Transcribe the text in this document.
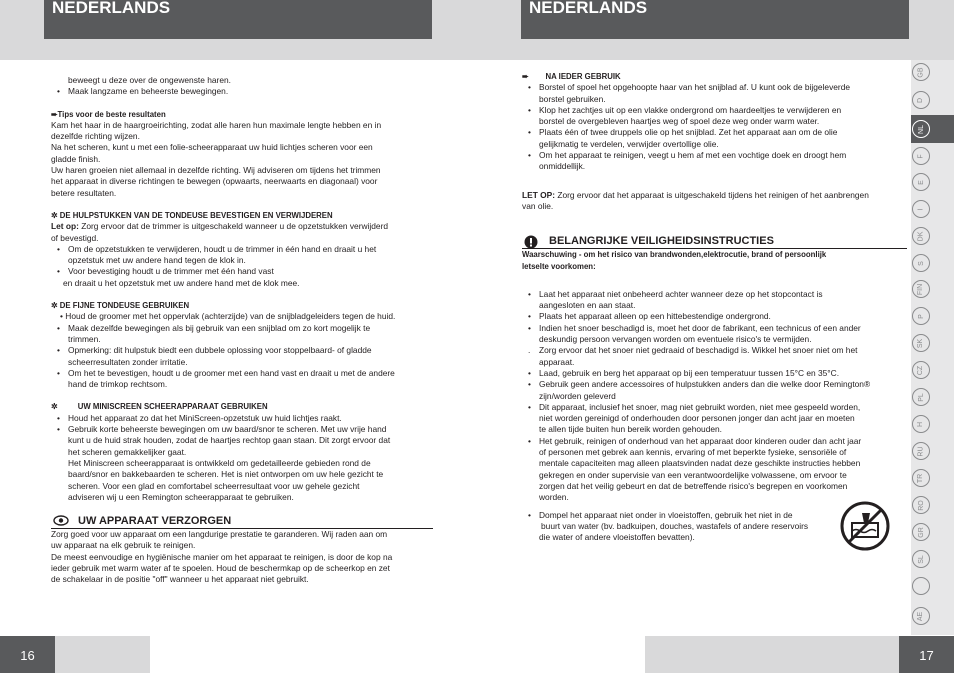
NEDERLANDS	NEDERLANDS
beweegt u deze over de ongewenste haren.
• Maak langzame en beheerste bewegingen.
➨Tips voor de beste resultaten
Kam het haar in de haargroeirichting, zodat alle haren hun maximale lengte hebben en in
dezelfde richting wijzen.
Na het scheren, kunt u met een folie-scheerapparaat uw huid lichtjes scheren voor een
gladde finish.
Uw haren groeien niet allemaal in dezelfde richting. Wij adviseren om tijdens het trimmen
het apparaat in diverse richtingen te bewegen (opwaarts, neerwaarts en diagonaal) voor
betere resultaten.
✲ DE HULPSTUKKEN VAN DE TONDEUSE BEVESTIGEN EN VERWIJDEREN
Let op: Zorg ervoor dat de trimmer is uitgeschakeld wanneer u de opzetstukken verwijderd
of bevestigd.
• Om de opzetstukken te verwijderen, houdt u de trimmer in één hand en draait u het
opzetstuk met uw andere hand tegen de klok in.
• Voor bevestiging houdt u de trimmer met één hand vast
en draait u het opzetstuk met uw andere hand met de klok mee.
✲ DE FIJNE TONDEUSE GEBRUIKEN
• Houd de groomer met het oppervlak (achterzijde) van de snijbladgeleiders tegen de huid.
• Maak dezelfde bewegingen als bij gebruik van een snijblad om zo kort mogelijk te
trimmen.
• Opmerking: dit hulpstuk biedt een dubbele oplossing voor stoppelbaard- of gladde
scheerresultaten zonder irritatie.
• Om het te bevestigen, houdt u de groomer met een hand vast en draait u met de andere
hand de trimkop rechtsom.
✲ UW MINISCREEN SCHEERAPPARAAT GEBRUIKEN
• Houd het apparaat zo dat het MiniScreen-opzetstuk uw huid lichtjes raakt.
• Gebruik korte beheerste bewegingen om uw baard/snor te scheren. Met uw vrije hand
kunt u de huid strak houden, zodat de haartjes rechtop gaan staan. Dit zorgt ervoor dat
het scheren gemakkelijker gaat.
Het Miniscreen scheerapparaat is ontwikkeld om gedetailleerde gebieden rond de
baard/snor en bakkebaarden te scheren. Het is niet ontworpen om uw hele gezicht te
scheren. Voor een glad en comfortabel scheerresultaat voor uw gehele gezicht
adviseren wij u een Remington scheerapparaat te gebruiken.
UW APPARAAT VERZORGEN
Zorg goed voor uw apparaat om een langdurige prestatie te garanderen. Wij raden aan om
uw apparaat na elk gebruik te reinigen.
De meest eenvoudige en hygiënische manier om het apparaat te reinigen, is door de kop na
ieder gebruik met warm water af te spoelen. Houd de beschermkap op de scheerkop en zet
de schakelaar in de positie "off" wanneer u het apparaat niet gebruikt.
➨ NA IEDER GEBRUIK
• Borstel of spoel het opgehoopte haar van het snijblad af. U kunt ook de bijgeleverde
borstel gebruiken.
• Klop het zachtjes uit op een vlakke ondergrond om haardeeltjes te verwijderen en
borstel de overgebleven haartjes weg of spoel deze weg onder warm water.
• Plaats één of twee druppels olie op het snijblad. Zet het apparaat aan om de olie
gelijkmatig te verdelen, verwijder overtollige olie.
• Om het apparaat te reinigen, veegt u hem af met een vochtige doek en droogt hem
onmiddellijk.
LET OP: Zorg ervoor dat het apparaat is uitgeschakeld tijdens het reinigen of het aanbrengen
van olie.
BELANGRIJKE VEILIGHEIDSINSTRUCTIES
Waarschuwing - om het risico van brandwonden,elektrocutie, brand of persoonlijk
letselte voorkomen:
• Laat het apparaat niet onbeheerd achter wanneer deze op het stopcontact is
aangesloten en aan staat.
• Plaats het apparaat alleen op een hittebestendige ondergrond.
• Indien het snoer beschadigd is, moet het door de fabrikant, een technicus of een ander
deskundig persoon vervangen worden om eventuele risico's te vermijden.
. Zorg ervoor dat het snoer niet gedraaid of beschadigd is. Wikkel het snoer niet om het
apparaat.
• Laad, gebruik en berg het apparaat op bij een temperatuur tussen 15°C en 35°C.
• Gebruik geen andere accessoires of hulpstukken anders dan die welke door Remington®
zijn/worden geleverd
• Dit apparaat, inclusief het snoer, mag niet gebruikt worden, niet mee gespeeld worden,
niet worden gereinigd of onderhouden door personen jonger dan acht jaar en moeten
te allen tijde buiten hun bereik worden gehouden.
• Het gebruik, reinigen of onderhoud van het apparaat door kinderen ouder dan acht jaar
of personen met gebrek aan kennis, ervaring of met beperkte fysieke, sensoriële of
mentale capaciteiten mag alleen plaatsvinden nadat deze geschikte instructies hebben
gekregen en onder supervisie van een verantwoordelijke volwassene, om ervoor te
zorgen dat het veilig gebeurt en dat de betreffende risico's begrepen en voorkomen
worden.
• Dompel het apparaat niet onder in vloeistoffen, gebruik het niet in de
buurt van water (bv. badkuipen, douches, wastafels of andere reservoirs
die water of andere vloeistoffen bevatten).
GB
D
NL
F
E
I
DK
S
FIN
P
SK
CZ
PL
H
RU
TR
RO
GR
SL
AE
16	17
